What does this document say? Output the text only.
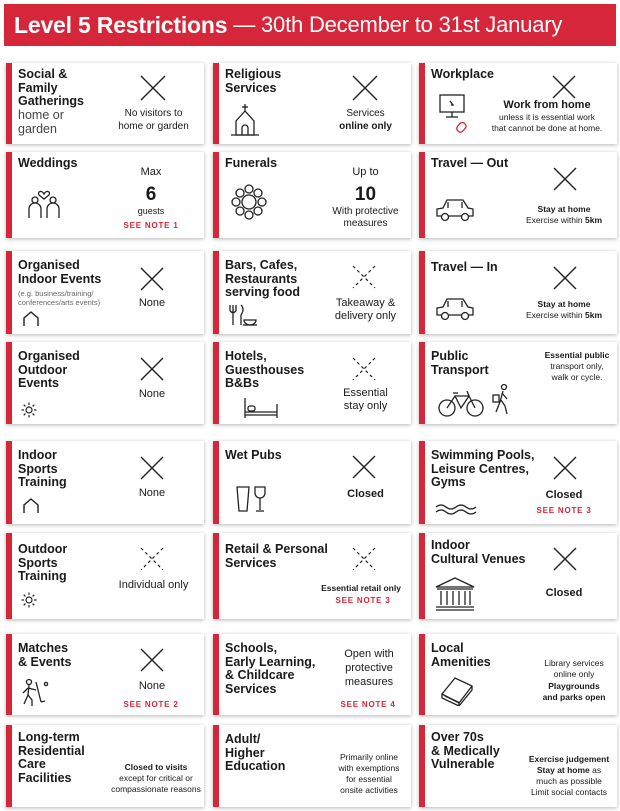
Level 5 Restrictions — 30th December to 31st January
Social &
Family
Gatherings
home or
garden
No visitors to
home or garden
Religious
Services
Services
online only
Workplace
Work from home
unless it is essential work
that cannot be done at home.
Weddings
Max
6
guests
SEE NOTE 1
Funerals
Up to
10
With protective
measures
Travel — Out
Stay at home
Exercise within 5km
Organised
Indoor Events
(e.g. business/training/
conferences/arts events)	None
Bars, Cafes,
Restaurants
serving food
Takeaway &
delivery only
Travel — In
Stay at home
Exercise within 5km
Organised
Outdoor
Events
None
Hotels,
Guesthouses
B&Bs
Essential
stay only
Public
Transport
Essential public
transport only,
walk or cycle.
Indoor
Sports
Training
None
Wet Pubs
Closed
Swimming Pools,
Leisure Centres,
Gyms
Closed
SEE NOTE 3
Outdoor
Sports
Training
Individual only
Retail & Personal
Services
Essential retail only
SEE NOTE 3
Indoor
Cultural Venues
Closed
Matches
& Events
None
SEE NOTE 2
Schools,
Early Learning,
& Childcare
Services
Open with
protective
measures
SEE NOTE 4
Local
Amenities	Library services
online only
Playgrounds
and parks open
Long-term
Residential
Care
Facilities
Closed to visits
except for critical or
compassionate reasons
Adult/
Higher
Education
Primarily online
with exemptions
for essential
onsite activities
Over 70s
& Medically
Vulnerable	Exercise judgement
Stay at home as
much as possible
Limit social contacts
